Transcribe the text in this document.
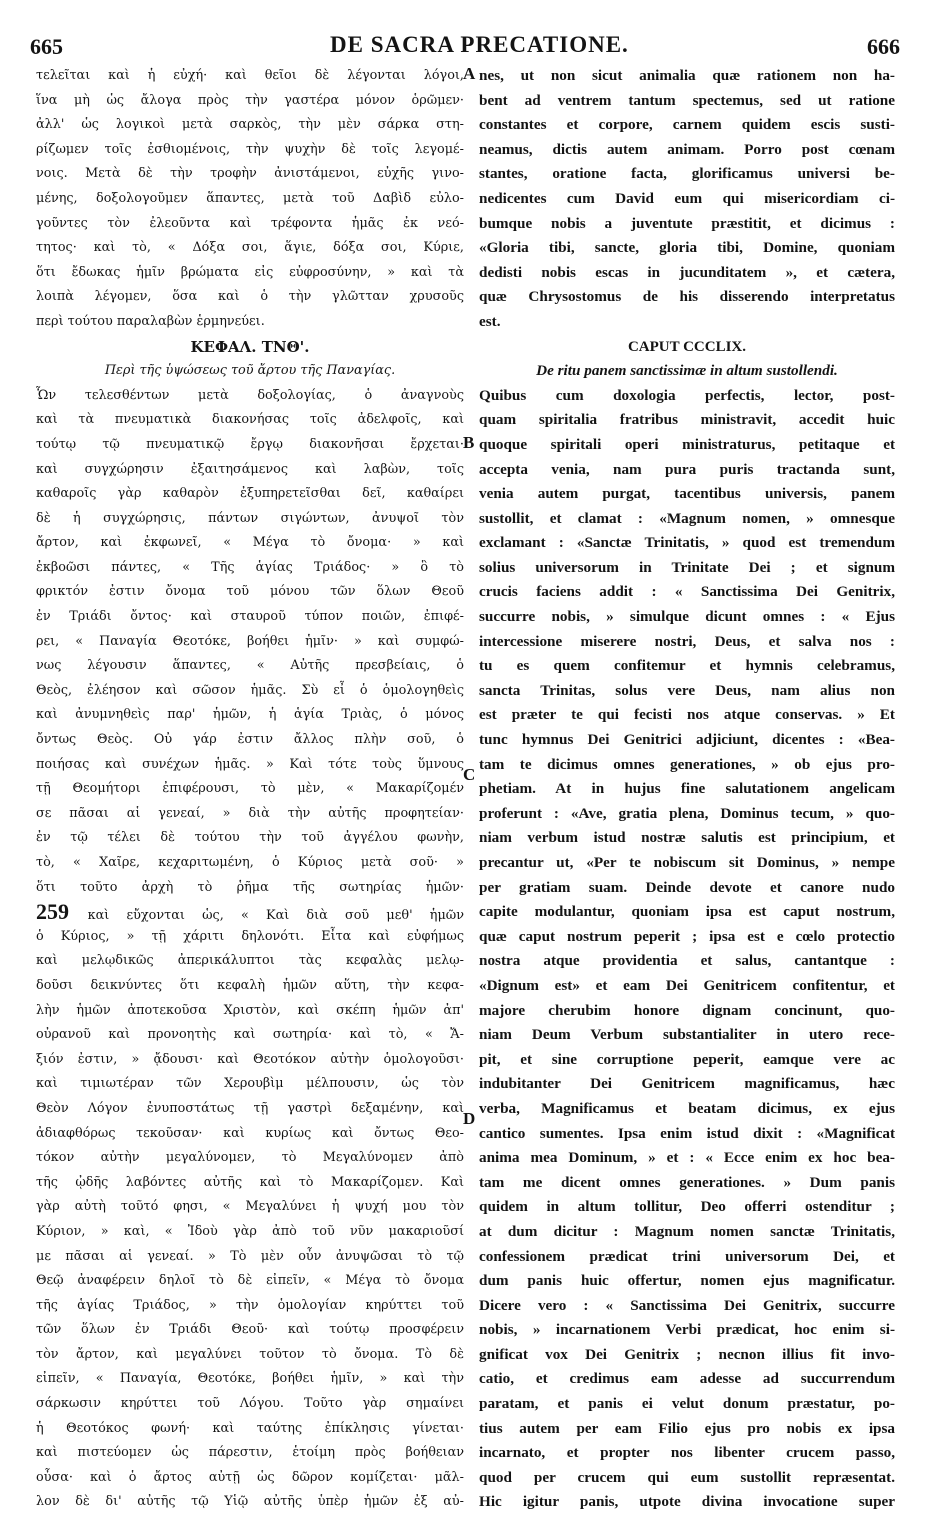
665	DE SACRA PRECATIONE.	666
τελεῖται καὶ ἡ εὐχή· καὶ θεῖοι δὲ λέγονται λόγοι,
ἵνα μὴ ὡς ἄλογα πρὸς τὴν γαστέρα μόνον ὁρῶμεν·
ἀλλ' ὡς λογικοὶ μετὰ σαρκὸς, τὴν μὲν σάρκα στη-
ρίζωμεν τοῖς ἐσθιομένοις, τὴν ψυχὴν δὲ τοῖς λεγομέ-
νοις. Μετὰ δὲ τὴν τροφὴν ἀνιστάμενοι, εὐχῆς γινο-
μένης, δοξολογοῦμεν ἅπαντες, μετὰ τοῦ Δαβὶδ εὐλο-
γοῦντες τὸν ἐλεοῦντα καὶ τρέφοντα ἡμᾶς ἐκ νεό-
τητος· καὶ τὸ, « Δόξα σοι, ἅγιε, δόξα σοι, Κύριε,
ὅτι ἔδωκας ἡμῖν βρώματα εἰς εὐφροσύνην, » καὶ τὰ
λοιπὰ λέγομεν, ὅσα καὶ ὁ τὴν γλῶτταν χρυσοῦς
περὶ τούτου παραλαβὼν ἑρμηνεύει.
ΚΕΦΑΛ. ΤΝΘ'.
Περὶ τῆς ὑψώσεως τοῦ ἄρτου τῆς Παναγίας.
Ὧν τελεσθέντων μετὰ δοξολογίας, ὁ ἀναγνοὺς
καὶ τὰ πνευματικὰ διακονήσας τοῖς ἀδελφοῖς, καὶ
τούτῳ τῷ πνευματικῷ ἔργῳ διακονῆσαι ἔρχεται·
καὶ συγχώρησιν ἐξαιτησάμενος καὶ λαβὼν, τοῖς
καθαροῖς γὰρ καθαρὸν ἐξυπηρετεῖσθαι δεῖ, καθαίρει
δὲ ἡ συγχώρησις, πάντων σιγώντων, ἀνυψοῖ τὸν
ἄρτον, καὶ ἐκφωνεῖ, « Μέγα τὸ ὄνομα· » καὶ
ἐκβοῶσι πάντες, « Τῆς ἁγίας Τριάδος· » ὃ τὸ
φρικτόν ἐστιν ὄνομα τοῦ μόνου τῶν ὅλων Θεοῦ
ἐν Τριάδι ὄντος· καὶ σταυροῦ τύπον ποιῶν, ἐπιφέ-
ρει, « Παναγία Θεοτόκε, βοήθει ἡμῖν· » καὶ συμφώ-
νως λέγουσιν ἅπαντες, « Αὐτῆς πρεσβείαις, ὁ
Θεὸς, ἐλέησον καὶ σῶσον ἡμᾶς. Σὺ εἶ ὁ ὁμολογηθεὶς
καὶ ἀνυμνηθεὶς παρ' ἡμῶν, ἡ ἁγία Τριὰς, ὁ μόνος
ὄντως Θεὸς. Οὐ γάρ ἐστιν ἄλλος πλὴν σοῦ, ὁ
ποιήσας καὶ συνέχων ἡμᾶς. » Καὶ τότε τοὺς ὕμνους
τῇ Θεομήτορι ἐπιφέρουσι, τὸ μὲν, « Μακαρίζομέν
σε πᾶσαι αἱ γενεαί, » διὰ τὴν αὐτῆς προφητείαν·
ἐν τῷ τέλει δὲ τούτου τὴν τοῦ ἀγγέλου φωνὴν,
τὸ, « Χαῖρε, κεχαριτωμένη, ὁ Κύριος μετὰ σοῦ· »
ὅτι τοῦτο ἀρχὴ τὸ ῥῆμα τῆς σωτηρίας ἡμῶν·
259 καὶ εὔχονται ὡς, « Καὶ διὰ σοῦ μεθ' ἡμῶν
ὁ Κύριος, » τῇ χάριτι δηλονότι. Εἶτα καὶ εὐφήμως
καὶ μελῳδικῶς ἀπερικάλυπτοι τὰς κεφαλὰς μελῳ-
δοῦσι δεικνύντες ὅτι κεφαλὴ ἡμῶν αὕτη, τὴν κεφα-
λὴν ἡμῶν ἀποτεκοῦσα Χριστὸν, καὶ σκέπη ἡμῶν ἀπ'
οὐρανοῦ καὶ προνοητὴς καὶ σωτηρία· καὶ τὸ, « Ἄ-
ξιόν ἐστιν, » ᾄδουσι· καὶ Θεοτόκον αὐτὴν ὁμολογοῦσι·
καὶ τιμιωτέραν τῶν Χερουβὶμ μέλπουσιν, ὡς τὸν
Θεὸν Λόγον ἐνυποστάτως τῇ γαστρὶ δεξαμένην, καὶ
ἀδιαφθόρως τεκοῦσαν· καὶ κυρίως καὶ ὄντως Θεο-
τόκον αὐτὴν μεγαλύνομεν, τὸ Μεγαλύνομεν ἀπὸ
τῆς ᾠδῆς λαβόντες αὐτῆς καὶ τὸ Μακαρίζομεν. Καὶ
γὰρ αὐτὴ τοῦτό φησι, « Μεγαλύνει ἡ ψυχή μου τὸν
Κύριον, » καὶ, « Ἰδοὺ γὰρ ἀπὸ τοῦ νῦν μακαριοῦσί
με πᾶσαι αἱ γενεαί. » Τὸ μὲν οὖν ἀνυψῶσαι τὸ τῷ
Θεῷ ἀναφέρειν δηλοῖ τὸ δὲ εἰπεῖν, « Μέγα τὸ ὄνομα
τῆς ἁγίας Τριάδος, » τὴν ὁμολογίαν κηρύττει τοῦ
τῶν ὅλων ἐν Τριάδι Θεοῦ· καὶ τούτῳ προσφέρειν
τὸν ἄρτον, καὶ μεγαλύνει τοῦτον τὸ ὄνομα. Τὸ δὲ
εἰπεῖν, « Παναγία, Θεοτόκε, βοήθει ἡμῖν, » καὶ τὴν
σάρκωσιν κηρύττει τοῦ Λόγου. Τοῦτο γὰρ σημαίνει
ἡ Θεοτόκος φωνή· καὶ ταύτης ἐπίκλησις γίνεται·
καὶ πιστεύομεν ὡς πάρεστιν, ἑτοίμη πρὸς βοήθειαν
οὖσα· καὶ ὁ ἄρτος αὐτῇ ὡς δῶρον κομίζεται· μᾶλ-
λον δὲ δι' αὐτῆς τῷ Υἱῷ αὐτῆς ὑπὲρ ἡμῶν ἐξ αὐ-
nes, ut non sicut animalia quæ rationem non ha-
bent ad ventrem tantum spectemus, sed ut ratione
constantes et corpore, carnem quidem escis susti-
neamus, dictis autem animam. Porro post cœnam
stantes, oratione facta, glorificamus universi be-
nedicentes cum David eum qui misericordiam ci-
bumque nobis a juventute præstitit, et dicimus :
«Gloria tibi, sancte, gloria tibi, Domine, quoniam
dedisti nobis escas in jucunditatem », et cætera,
quæ Chrysostomus de his disserendo interpretatus
est.
CAPUT CCCLIX.
De ritu panem sanctissimæ in altum sustollendi.
Quibus cum doxologia perfectis, lector, post-
quam spiritalia fratribus ministravit, accedit huic
quoque spiritali operi ministraturus, petitaque et
accepta venia, nam pura puris tractanda sunt,
venia autem purgat, tacentibus universis, panem
sustollit, et clamat : «Magnum nomen, » omnesque
exclamant : «Sanctæ Trinitatis, » quod est tremendum
solius universorum in Trinitate Dei ; et signum
crucis faciens addit : « Sanctissima Dei Genitrix,
succurre nobis, » simulque dicunt omnes : « Ejus
intercessione miserere nostri, Deus, et salva nos :
tu es quem confitemur et hymnis celebramus,
sancta Trinitas, solus vere Deus, nam alius non
est præter te qui fecisti nos atque conservas. » Et
tunc hymnus Dei Genitrici adjiciunt, dicentes : «Bea-
tam te dicimus omnes generationes, » ob ejus pro-
phetiam. At in hujus fine salutationem angelicam
proferunt : «Ave, gratia plena, Dominus tecum, » quo-
niam verbum istud nostræ salutis est principium, et
precantur ut, «Per te nobiscum sit Dominus, » nempe
per gratiam suam. Deinde devote et canore nudo
capite modulantur, quoniam ipsa est caput nostrum,
quæ caput nostrum peperit ; ipsa est e cœlo protectio
nostra atque providentia et salus, cantantque :
«Dignum est» et eam Dei Genitricem confitentur, et
majore cherubim honore dignam concinunt, quo-
niam Deum Verbum substantialiter in utero rece-
pit, et sine corruptione peperit, eamque vere ac
indubitanter Dei Genitricem magnificamus, hæc
verba, Magnificamus et beatam dicimus, ex ejus
cantico sumentes. Ipsa enim istud dixit : «Magnificat
anima mea Dominum, » et : « Ecce enim ex hoc bea-
tam me dicent omnes generationes. » Dum panis
quidem in altum tollitur, Deo offerri ostenditur ;
at dum dicitur : Magnum nomen sanctæ Trinitatis,
confessionem prædicat trini universorum Dei, et
dum panis huic offertur, nomen ejus magnificatur.
Dicere vero : « Sanctissima Dei Genitrix, succurre
nobis, » incarnationem Verbi prædicat, hoc enim si-
gnificat vox Dei Genitrix ; necnon illius fit invo-
catio, et credimus eam adesse ad succurrendum
paratam, et panis ei velut donum præstatur, po-
tius autem per eam Filio ejus pro nobis ex ipsa
incarnato, et propter nos libenter crucem passo,
quod per crucem qui eum sustollit repræsentat.
Hic igitur panis, utpote divina invocatione super
A
B
C
D
